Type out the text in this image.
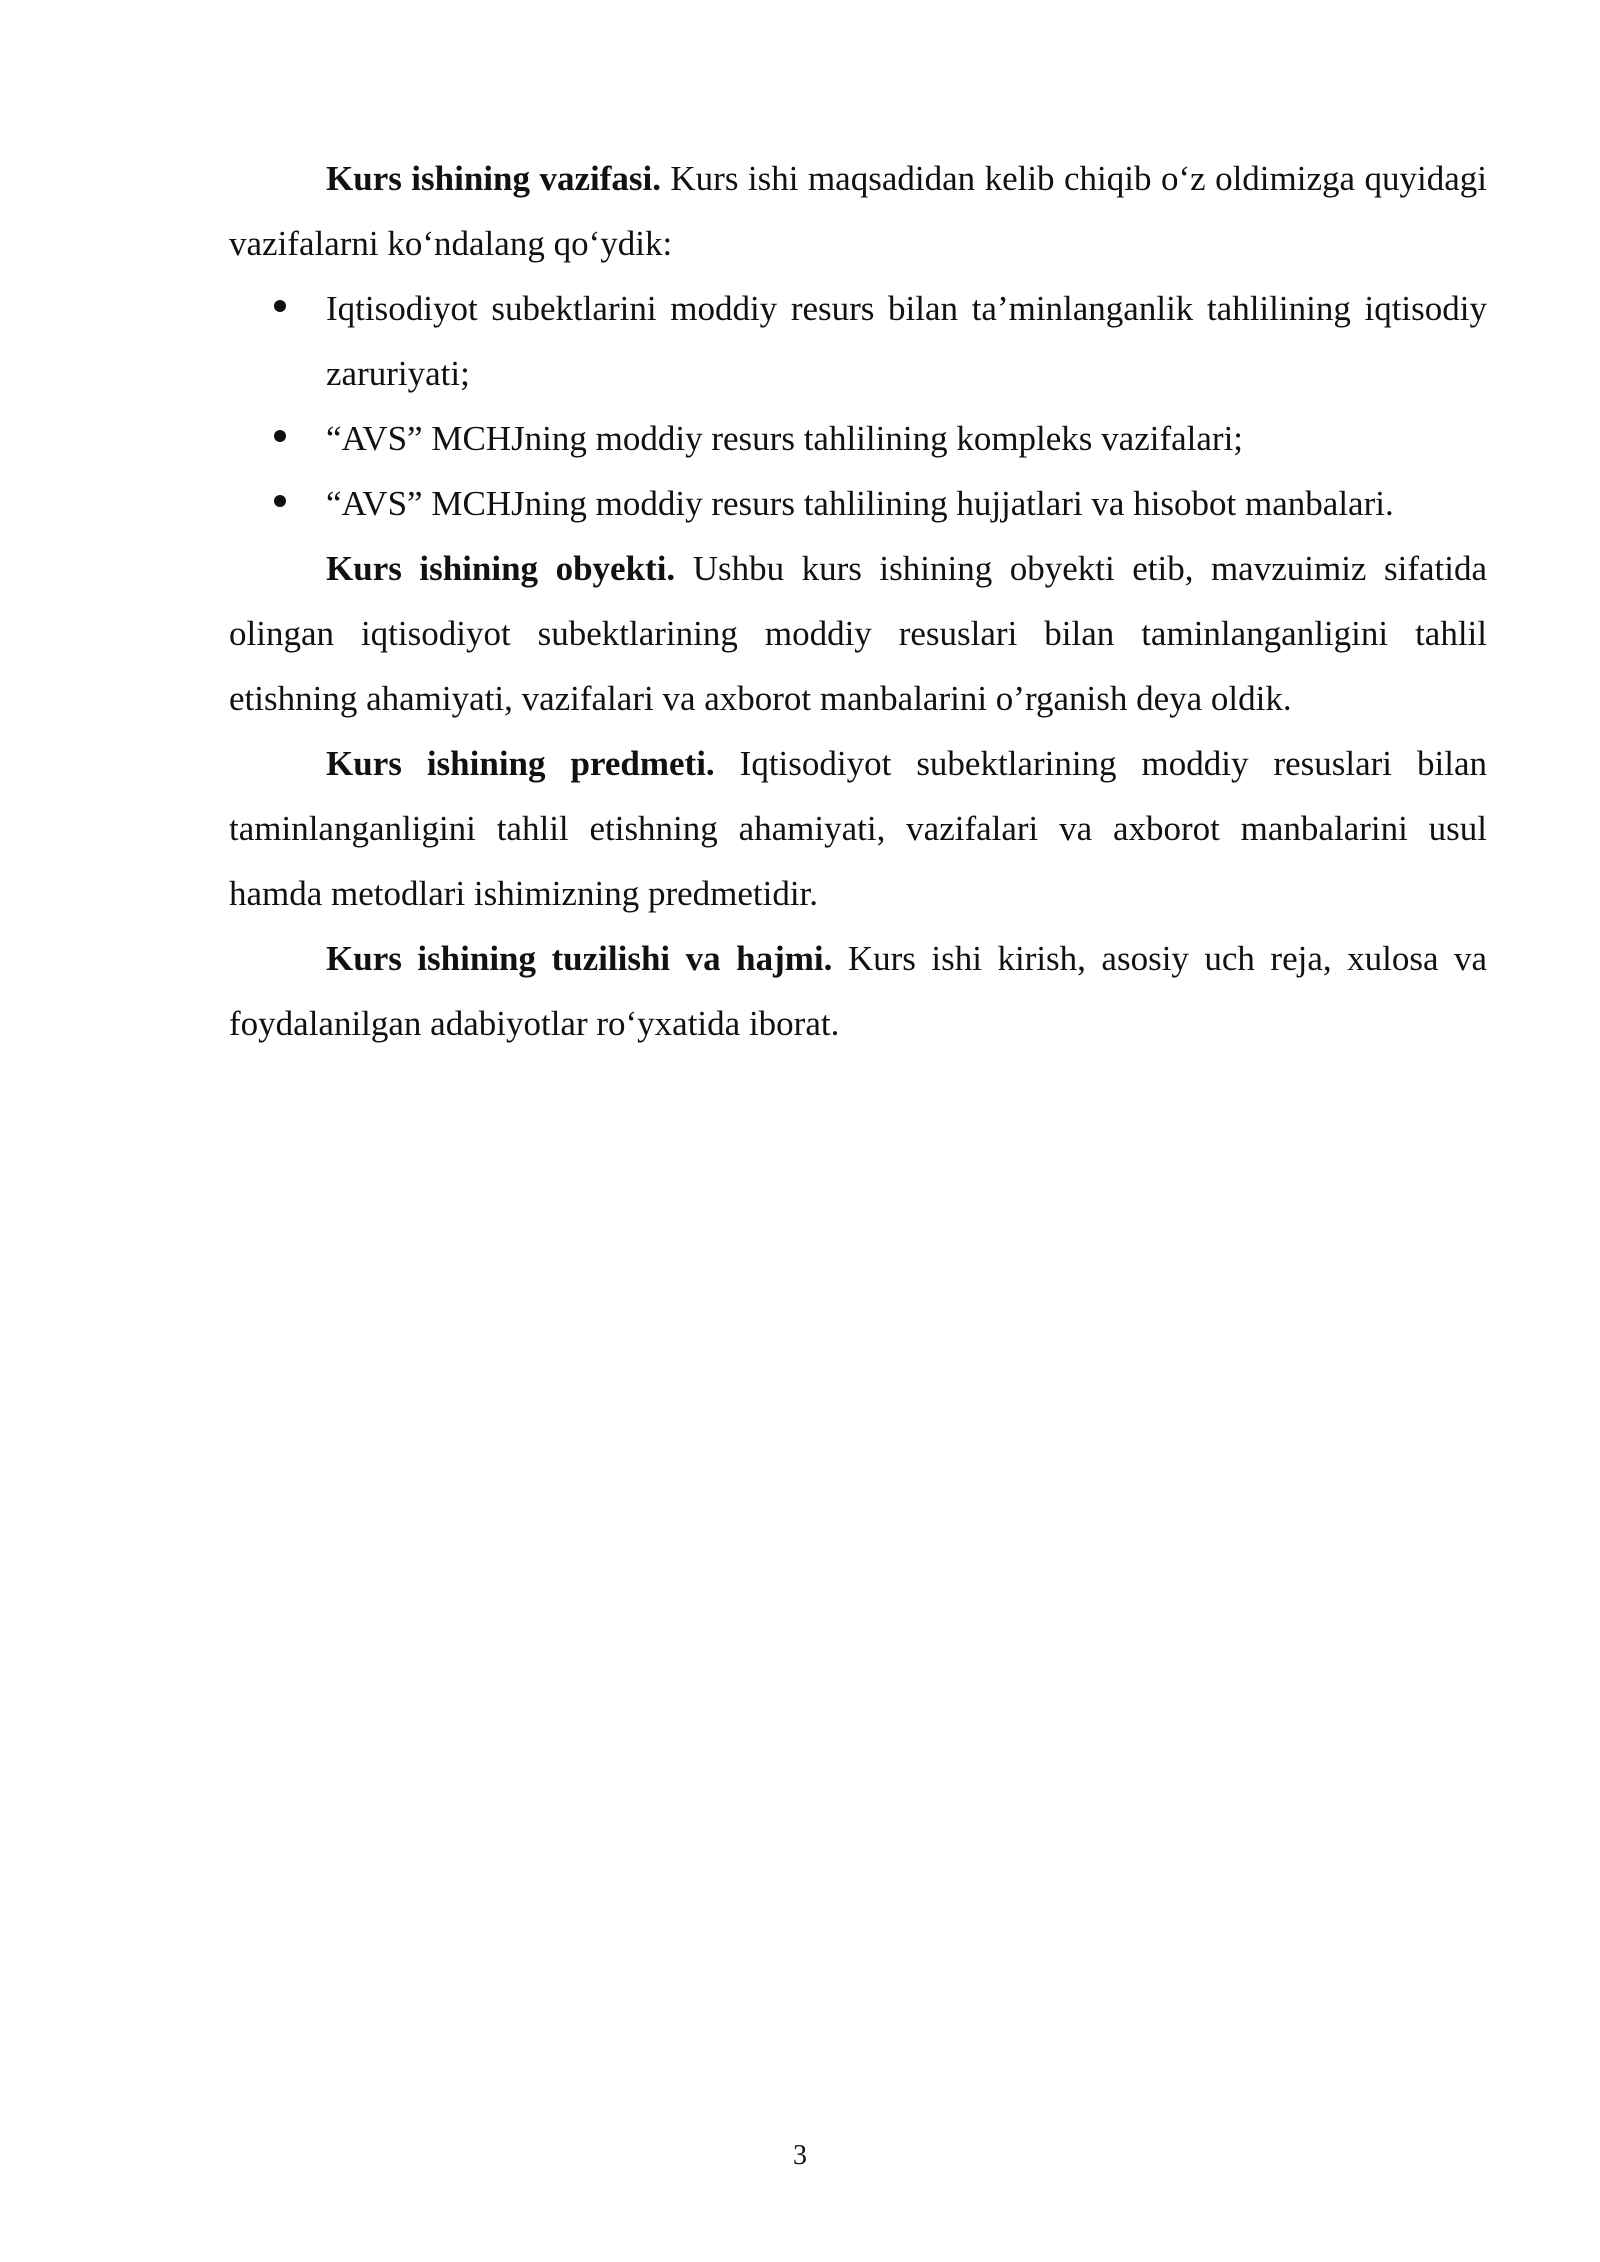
Kurs ishining vazifasi. Kurs ishi maqsadidan kelib chiqib o‘z oldimizga quyidagi vazifalarni ko‘ndalang qo‘ydik:

Iqtisodiyot subektlarini moddiy resurs bilan ta’minlanganlik tahlilining iqtisodiy zaruriyati;
“AVS” MCHJning moddiy resurs tahlilining kompleks vazifalari;
“AVS” MCHJning moddiy resurs tahlilining hujjatlari va hisobot manbalari.

Kurs ishining obyekti. Ushbu kurs ishining obyekti etib, mavzuimiz sifatida olingan iqtisodiyot subektlarining moddiy resuslari bilan taminlanganligini tahlil etishning ahamiyati, vazifalari va axborot manbalarini o’rganish deya oldik.

Kurs ishining predmeti. Iqtisodiyot subektlarining moddiy resuslari bilan taminlanganligini tahlil etishning ahamiyati, vazifalari va axborot manbalarini usul hamda metodlari ishimizning predmetidir.

Kurs ishining tuzilishi va hajmi. Kurs ishi kirish, asosiy uch reja, xulosa va foydalanilgan adabiyotlar ro‘yxatida iborat.

3
